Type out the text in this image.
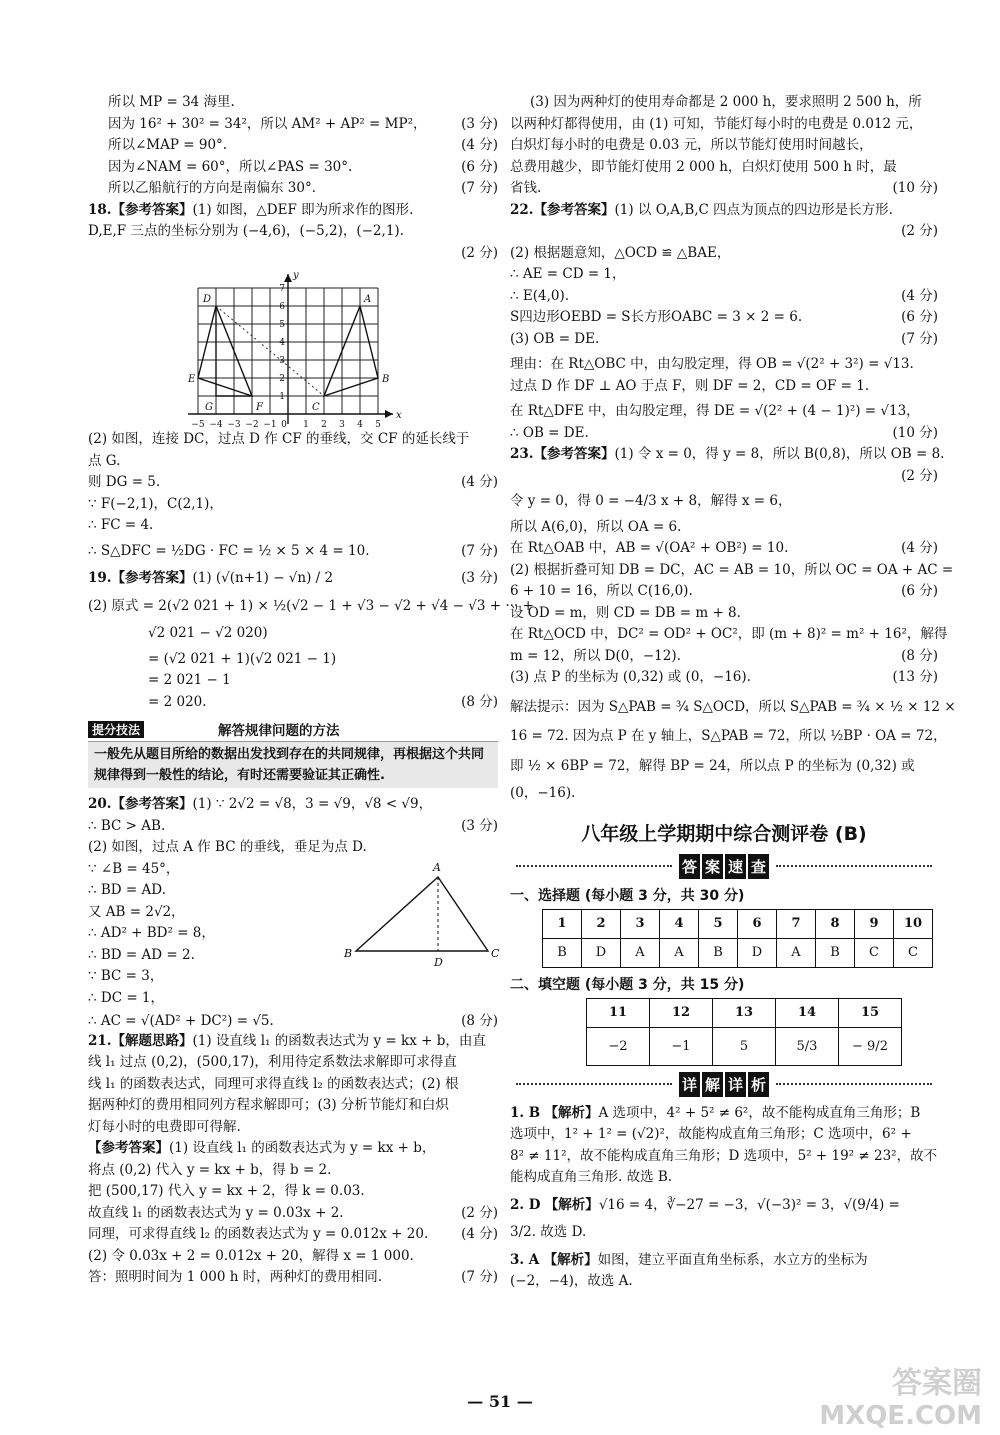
所以 MP = 34 海里.
因为 16² + 30² = 34²，所以 AM² + AP² = MP²，	(3 分)
所以∠MAP = 90°.	(4 分)
因为∠NAM = 60°，所以∠PAS = 30°.	(6 分)
所以乙船航行的方向是南偏东 30°.	(7 分)
18.【参考答案】(1) 如图，△DEF 即为所求作的图形.
D,E,F 三点的坐标分别为 (−4,6)，(−5,2)，(−2,1).
(2 分)

x
y
D	A
E	B
G	F	C
−5 −4 −3 −2 −1 0 1 2 3 4 5
1
2
3
4
5
6
7
(2) 如图，连接 DC，过点 D 作 CF 的垂线，交 CF 的延长线于
点 G.
则 DG = 5.	(4 分)
∵ F(−2,1)，C(2,1)，
∴ FC = 4.
∴ S△DFC = ½DG · FC = ½ × 5 × 4 = 10.	(7 分)
19.【参考答案】(1) (√(n+1) − √n) / 2	(3 分)
(2) 原式 = 2(√2 021 + 1) × ½(√2 − 1 + √3 − √2 + √4 − √3 + ··· +
√2 021 − √2 020)
= (√2 021 + 1)(√2 021 − 1)
= 2 021 − 1
= 2 020.	(8 分)
提分技法	解答规律问题的方法
一般先从题目所给的数据出发找到存在的共同规律，再根据这个共同规律得到一般性的结论，有时还需要验证其正确性.
20.【参考答案】(1) ∵ 2√2 = √8，3 = √9，√8 < √9，
∴ BC > AB.	(3 分)
(2) 如图，过点 A 作 BC 的垂线，垂足为点 D.
∵ ∠B = 45°，
∴ BD = AD.
又 AB = 2√2，
∴ AD² + BD² = 8，
∴ BD = AD = 2.
∵ BC = 3，
∴ DC = 1，
A
B	C
D
∴ AC = √(AD² + DC²) = √5.	(8 分)
21.【解题思路】(1) 设直线 l₁ 的函数表达式为 y = kx + b，由直
线 l₁ 过点 (0,2)，(500,17)，利用待定系数法求解即可求得直
线 l₁ 的函数表达式，同理可求得直线 l₂ 的函数表达式；(2) 根
据两种灯的费用相同列方程求解即可；(3) 分析节能灯和白炽
灯每小时的电费即可得解.
【参考答案】(1) 设直线 l₁ 的函数表达式为 y = kx + b，
将点 (0,2) 代入 y = kx + b，得 b = 2.
把 (500,17) 代入 y = kx + 2，得 k = 0.03.
故直线 l₁ 的函数表达式为 y = 0.03x + 2.	(2 分)
同理，可求得直线 l₂ 的函数表达式为 y = 0.012x + 20. (4 分)
(2) 令 0.03x + 2 = 0.012x + 20，解得 x = 1 000.
答：照明时间为 1 000 h 时，两种灯的费用相同.	(7 分)
(3) 因为两种灯的使用寿命都是 2 000 h，要求照明 2 500 h，所
以两种灯都得使用，由 (1) 可知，节能灯每小时的电费是 0.012 元，
白炽灯每小时的电费是 0.03 元，所以节能灯使用时间越长，
总费用越少，即节能灯使用 2 000 h，白炽灯使用 500 h 时，最
省钱.	(10 分)
22.【参考答案】(1) 以 O,A,B,C 四点为顶点的四边形是长方形.
(2 分)

(2) 根据题意知，△OCD ≌ △BAE，
∴ AE = CD = 1，
∴ E(4,0).	(4 分)
S四边形OEBD = S长方形OABC = 3 × 2 = 6.	(6 分)
(3) OB = DE.	(7 分)
理由：在 Rt△OBC 中，由勾股定理，得 OB = √(2² + 3²) = √13.
过点 D 作 DF ⊥ AO 于点 F，则 DF = 2，CD = OF = 1.
在 Rt△DFE 中，由勾股定理，得 DE = √(2² + (4 − 1)²) = √13，
∴ OB = DE.	(10 分)
23.【参考答案】(1) 令 x = 0，得 y = 8，所以 B(0,8)，所以 OB = 8.
(2 分)

令 y = 0，得 0 = −4/3 x + 8，解得 x = 6，
所以 A(6,0)，所以 OA = 6.
在 Rt△OAB 中，AB = √(OA² + OB²) = 10.	(4 分)
(2) 根据折叠可知 DB = DC，AC = AB = 10，所以 OC = OA + AC =
6 + 10 = 16，所以 C(16,0).	(6 分)
设 OD = m，则 CD = DB = m + 8.
在 Rt△OCD 中，DC² = OD² + OC²，即 (m + 8)² = m² + 16²，解得
m = 12，所以 D(0，−12).	(8 分)
(3) 点 P 的坐标为 (0,32) 或 (0，−16).	(13 分)
解法提示：因为 S△PAB = ¾ S△OCD，所以 S△PAB = ¾ × ½ × 12 ×
16 = 72. 因为点 P 在 y 轴上，S△PAB = 72，所以 ½BP · OA = 72，
即 ½ × 6BP = 72，解得 BP = 24，所以点 P 的坐标为 (0,32) 或
(0，−16).
八年级上学期期中综合测评卷 (B)
答 案 速 查
一、选择题 (每小题 3 分，共 30 分)
1	2	3	4	5	6	7	8	9	10
B	D	A	A	B	D	A	B	C	C
二、填空题 (每小题 3 分，共 15 分)
11	12	13	14	15
−2	−1	5	5/3	− 9/2
详 解 详 析
1. B 【解析】A 选项中，4² + 5² ≠ 6²，故不能构成直角三角形；B
选项中，1² + 1² = (√2)²，故能构成直角三角形；C 选项中，6² +
8² ≠ 11²，故不能构成直角三角形；D 选项中，5² + 19² ≠ 23²，故不
能构成直角三角形. 故选 B.
2. D 【解析】√16 = 4，∛−27 = −3，√(−3)² = 3，√(9/4) =
3/2. 故选 D.
3. A 【解析】如图，建立平面直角坐标系，水立方的坐标为
(−2，−4)，故选 A.
— 51 —
答案圈
MXQE.COM
